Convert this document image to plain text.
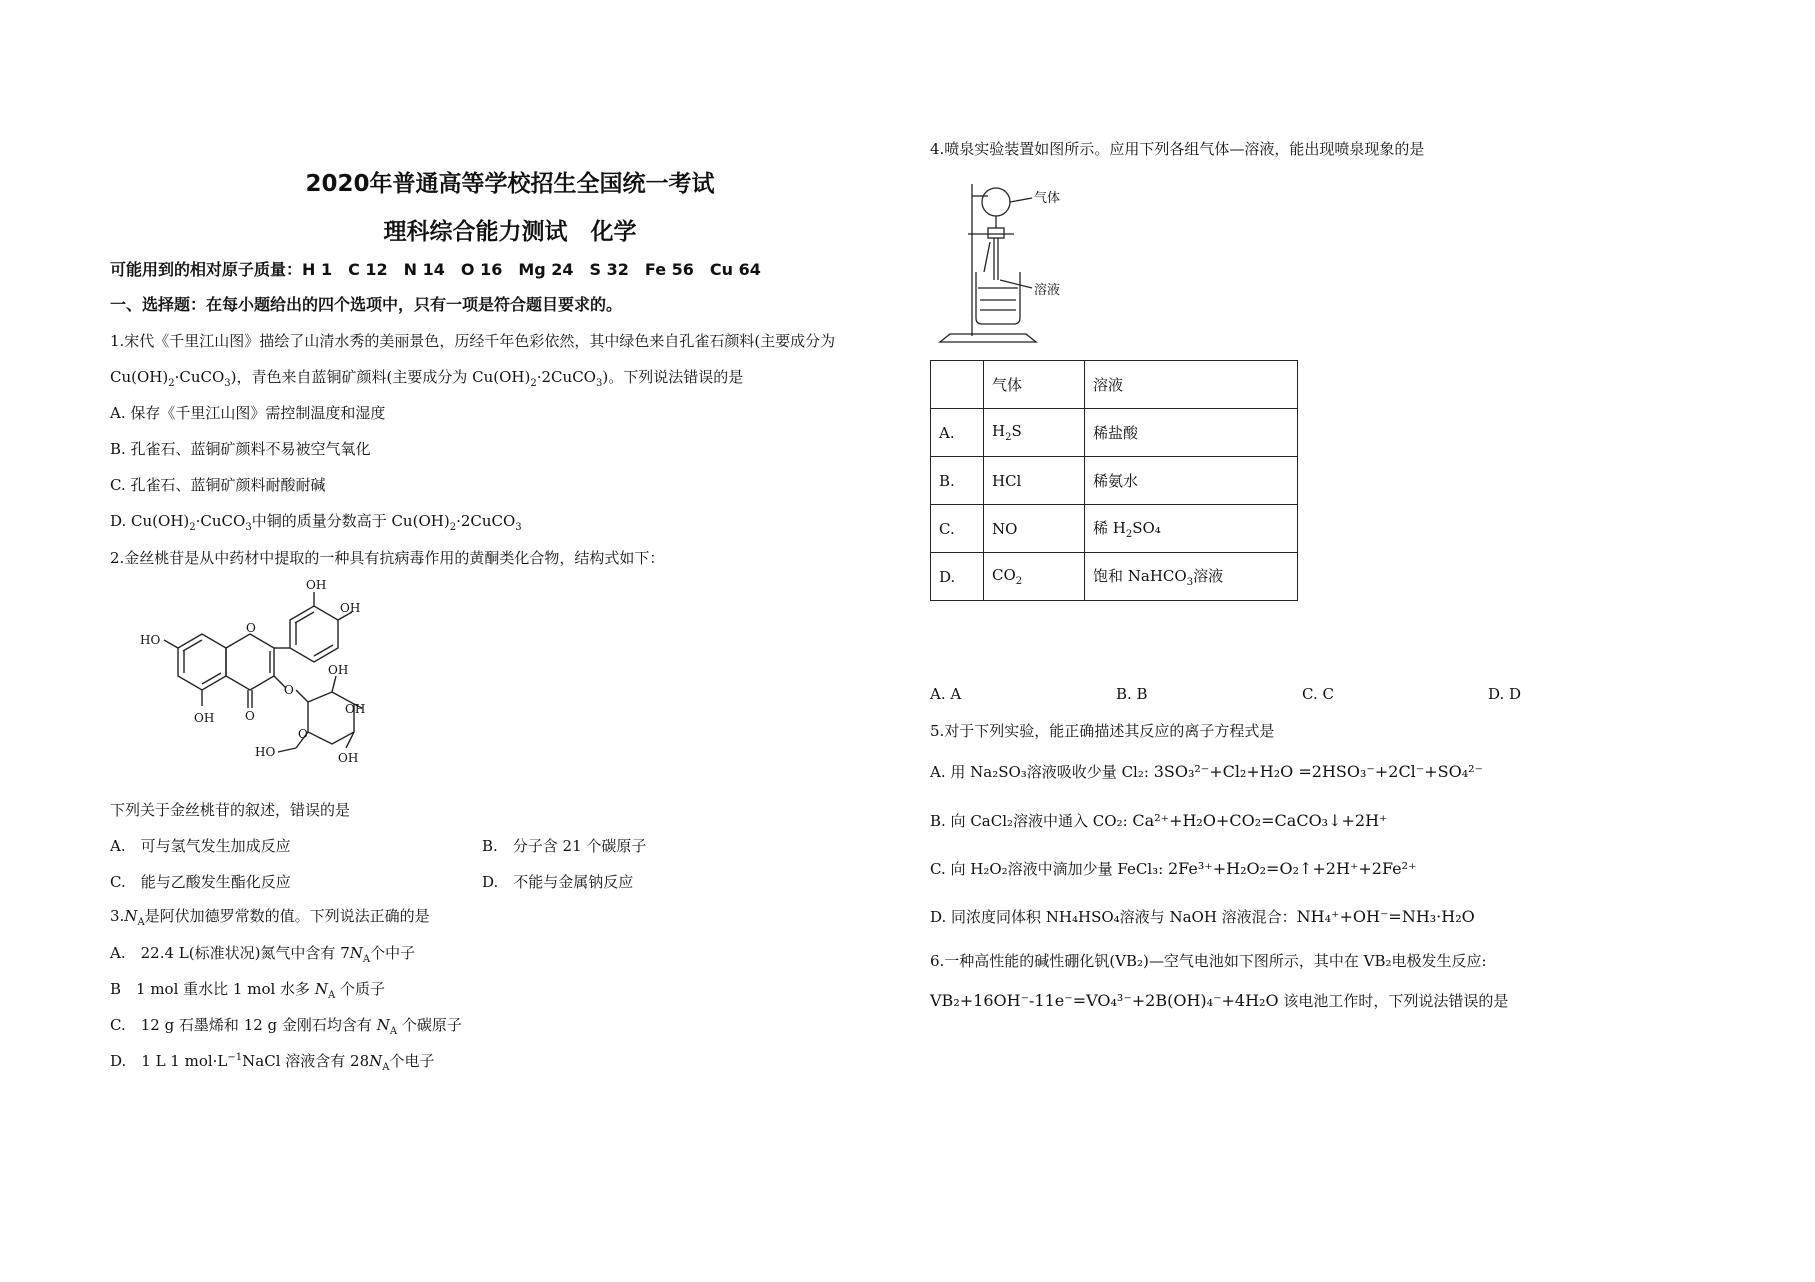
2020年普通高等学校招生全国统一考试
理科综合能力测试　化学
可能用到的相对原子质量：H 1　C 12　N 14　O 16　Mg 24　S 32　Fe 56　Cu 64
一、选择题：在每小题给出的四个选项中，只有一项是符合题目要求的。
1.宋代《千里江山图》描绘了山清水秀的美丽景色，历经千年色彩依然，其中绿色来自孔雀石颜料(主要成分为
$Cu(OH)_2\cdot CuCO_3$)，青色来自蓝铜矿颜料(主要成分为 $Cu(OH)_2\cdot 2CuCO_3$)。下列说法错误的是
A. 保存《千里江山图》需控制温度和湿度
B. 孔雀石、蓝铜矿颜料不易被空气氧化
C. 孔雀石、蓝铜矿颜料耐酸耐碱
D. $Cu(OH)_2\cdot CuCO_3$中铜的质量分数高于 $Cu(OH)_2\cdot 2CuCO_3$
2.金丝桃苷是从中药材中提取的一种具有抗病毒作用的黄酮类化合物，结构式如下：
OH
OH
HO
O
OH	O
O
OH
OH
OH
O
HO
下列关于金丝桃苷的叙述，错误的是
A.　可与氢气发生加成反应	B.　分子含 21 个碳原子
C.　能与乙酸发生酯化反应	D.　不能与金属钠反应
$3.N_A$是阿伏加德罗常数的值。下列说法正确的是
A.　22.4 L(标准状况)氮气中含有 $7N_A$个中子
B　1 mol 重水比 1 mol 水多 $N_A$ 个质子
C.　12 g 石墨烯和 12 g 金刚石均含有 $N_A$ 个碳原子
D.　1 L 1 $mol\cdot L^{-1}NaCl$ 溶液含有 $28N_A$个电子
4.喷泉实验装置如图所示。应用下列各组气体—溶液，能出现喷泉现象的是
气体
溶液
	气体	溶液
A.	$H_2S$	稀盐酸
B.	HCl	稀氨水
C.	NO	稀 $H_2SO_4$
D.	$CO_2$	饱和 NaHCO$_3$溶液
A. A	B. B	C. C	D. D
5.对于下列实验，能正确描述其反应的离子方程式是
A. 用 Na₂SO₃溶液吸收少量 Cl₂: 3SO₃²⁻+Cl₂+H₂O =2HSO₃⁻+2Cl⁻+SO₄²⁻
B. 向 CaCl₂溶液中通入 CO₂: Ca²⁺+H₂O+CO₂=CaCO₃↓+2H⁺
C. 向 H₂O₂溶液中滴加少量 FeCl₃: 2Fe³⁺+H₂O₂=O₂↑+2H⁺+2Fe²⁺
D. 同浓度同体积 NH₄HSO₄溶液与 NaOH 溶液混合：NH₄⁺+OH⁻=NH₃·H₂O
6.一种高性能的碱性硼化钒(VB₂)—空气电池如下图所示，其中在 VB₂电极发生反应:
VB₂+16OH⁻-11e⁻=VO₄³⁻+2B(OH)₄⁻+4H₂O 该电池工作时，下列说法错误的是
